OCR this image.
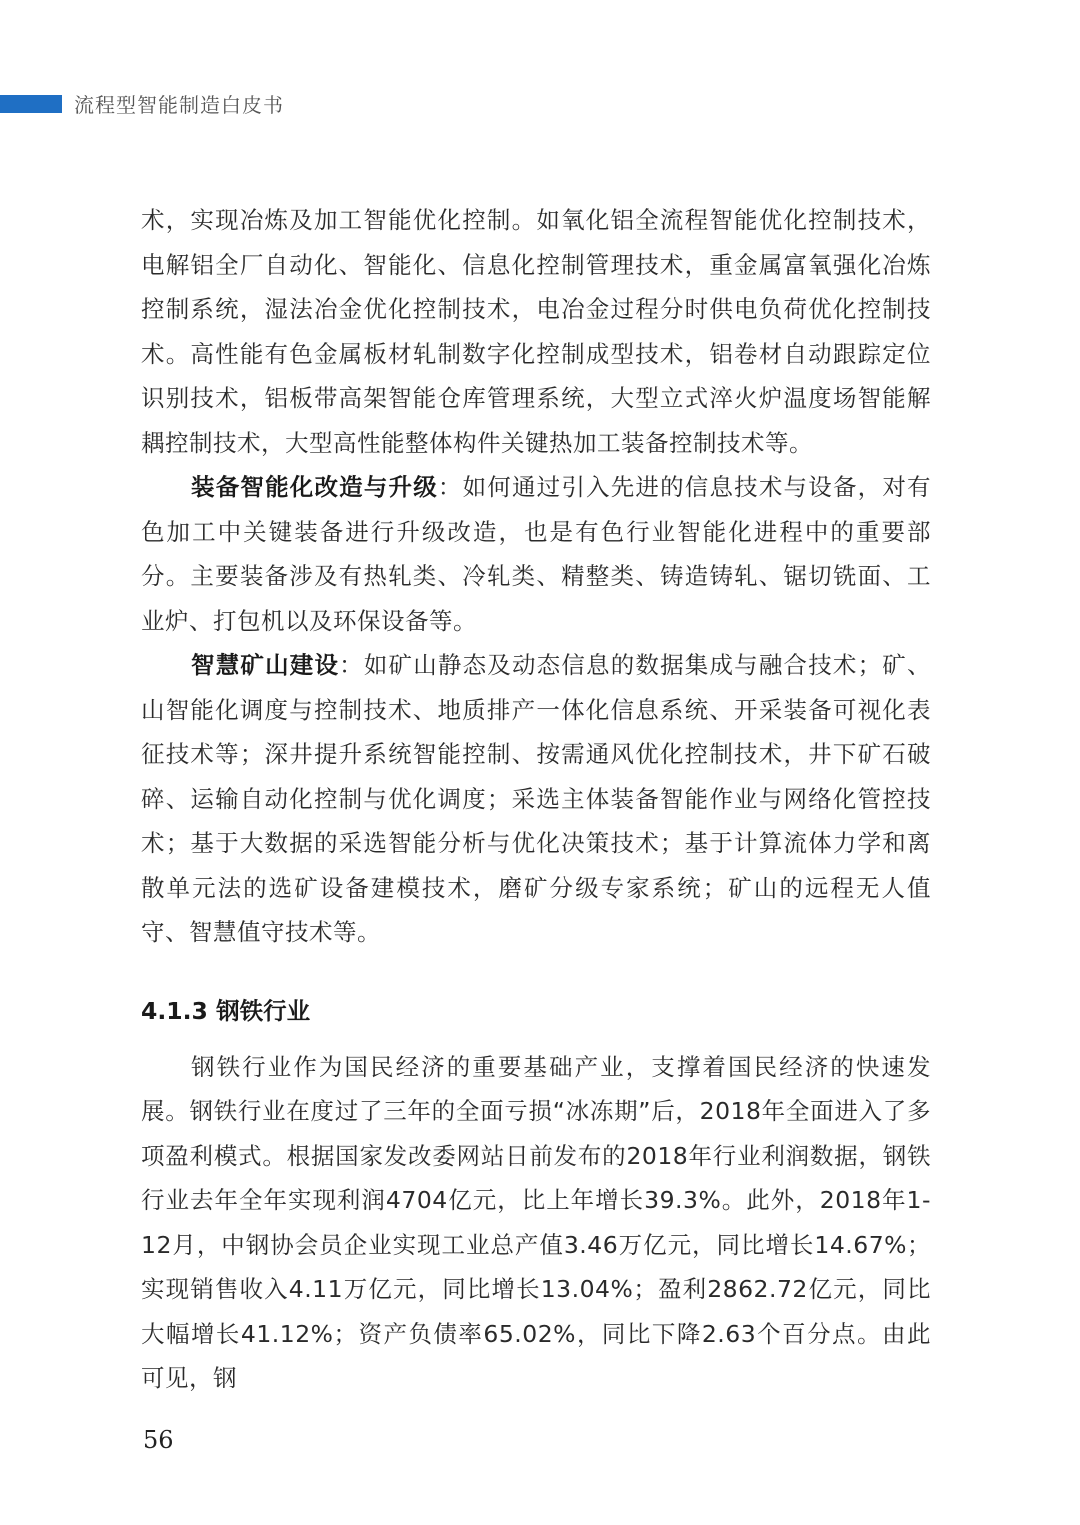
流程型智能制造白皮书

术，实现冶炼及加工智能优化控制。如氧化铝全流程智能优化控制技术，电解铝全厂自动化、智能化、信息化控制管理技术，重金属富氧强化冶炼控制系统，湿法冶金优化控制技术，电冶金过程分时供电负荷优化控制技术。高性能有色金属板材轧制数字化控制成型技术，铝卷材自动跟踪定位识别技术，铝板带高架智能仓库管理系统，大型立式淬火炉温度场智能解耦控制技术，大型高性能整体构件关键热加工装备控制技术等。

装备智能化改造与升级：如何通过引入先进的信息技术与设备，对有色加工中关键装备进行升级改造，也是有色行业智能化进程中的重要部分。主要装备涉及有热轧类、冷轧类、精整类、铸造铸轧、锯切铣面、工业炉、打包机以及环保设备等。

智慧矿山建设：如矿山静态及动态信息的数据集成与融合技术；矿、山智能化调度与控制技术、地质排产一体化信息系统、开采装备可视化表征技术等；深井提升系统智能控制、按需通风优化控制技术，井下矿石破碎、运输自动化控制与优化调度；采选主体装备智能作业与网络化管控技术；基于大数据的采选智能分析与优化决策技术；基于计算流体力学和离散单元法的选矿设备建模技术，磨矿分级专家系统；矿山的远程无人值守、智慧值守技术等。

4.1.3 钢铁行业

钢铁行业作为国民经济的重要基础产业，支撑着国民经济的快速发展。钢铁行业在度过了三年的全面亏损“冰冻期”后，2018年全面进入了多项盈利模式。根据国家发改委网站日前发布的2018年行业利润数据，钢铁行业去年全年实现利润4704亿元，比上年增长39.3%。此外，2018年1-12月，中钢协会员企业实现工业总产值3.46万亿元，同比增长14.67%；实现销售收入4.11万亿元，同比增长13.04%；盈利2862.72亿元，同比大幅增长41.12%；资产负债率65.02%，同比下降2.63个百分点。由此可见，钢

56
